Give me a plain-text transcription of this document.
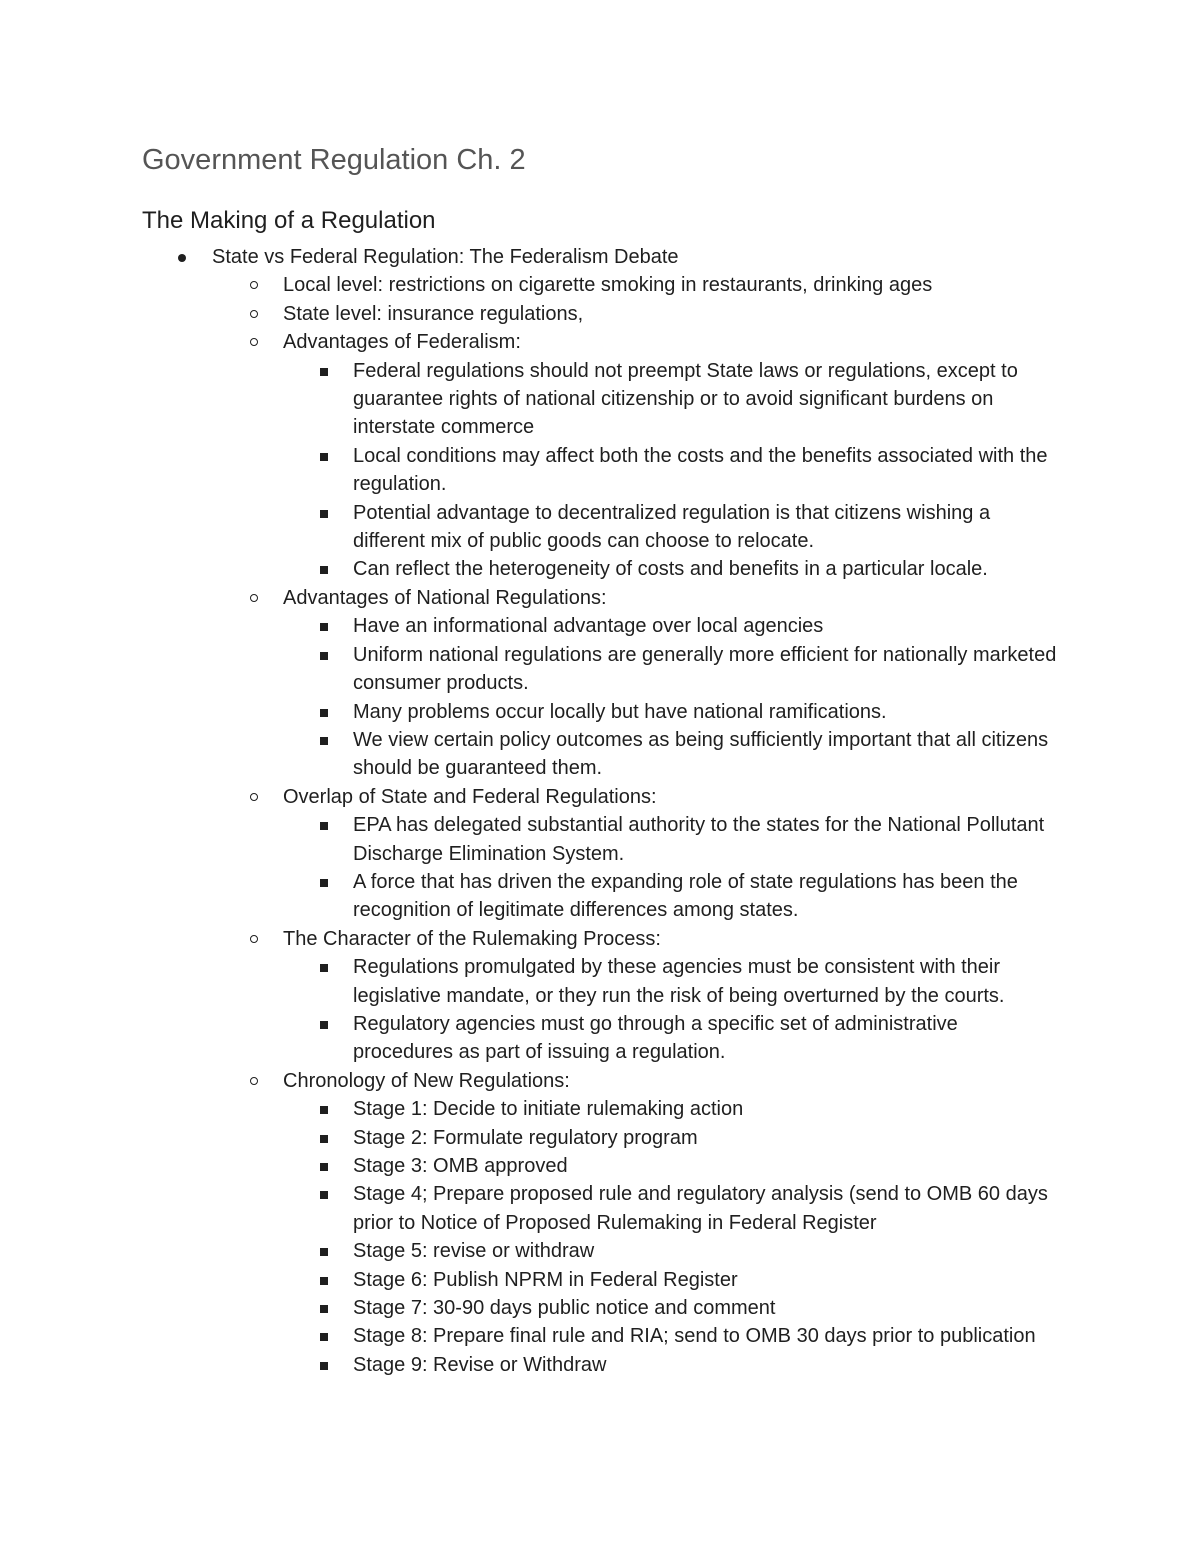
Government Regulation Ch. 2
The Making of a Regulation
State vs Federal Regulation: The Federalism Debate
Local level: restrictions on cigarette smoking in restaurants, drinking ages
State level: insurance regulations,
Advantages of Federalism:
Federal regulations should not preempt State laws or regulations, except to guarantee rights of national citizenship or to avoid significant burdens on interstate commerce
Local conditions may affect both the costs and the benefits associated with the regulation.
Potential advantage to decentralized regulation is that citizens wishing a different mix of public goods can choose to relocate.
Can reflect the heterogeneity of costs and benefits in a particular locale.
Advantages of National Regulations:
Have an informational advantage over local agencies
Uniform national regulations are generally more efficient for nationally marketed consumer products.
Many problems occur locally but have national ramifications.
We view certain policy outcomes as being sufficiently important that all citizens should be guaranteed them.
Overlap of State and Federal Regulations:
EPA has delegated substantial authority to the states for the National Pollutant Discharge Elimination System.
A force that has driven the expanding role of state regulations has been the recognition of legitimate differences among states.
The Character of the Rulemaking Process:
Regulations promulgated by these agencies must be consistent with their legislative mandate, or they run the risk of being overturned by the courts.
Regulatory agencies must go through a specific set of administrative procedures as part of issuing a regulation.
Chronology of New Regulations:
Stage 1: Decide to initiate rulemaking action
Stage 2: Formulate regulatory program
Stage 3: OMB approved
Stage 4; Prepare proposed rule and regulatory analysis (send to OMB 60 days prior to Notice of Proposed Rulemaking in Federal Register
Stage 5: revise or withdraw
Stage 6: Publish NPRM in Federal Register
Stage 7: 30-90 days public notice and comment
Stage 8: Prepare final rule and RIA; send to OMB 30 days prior to publication
Stage 9: Revise or Withdraw
